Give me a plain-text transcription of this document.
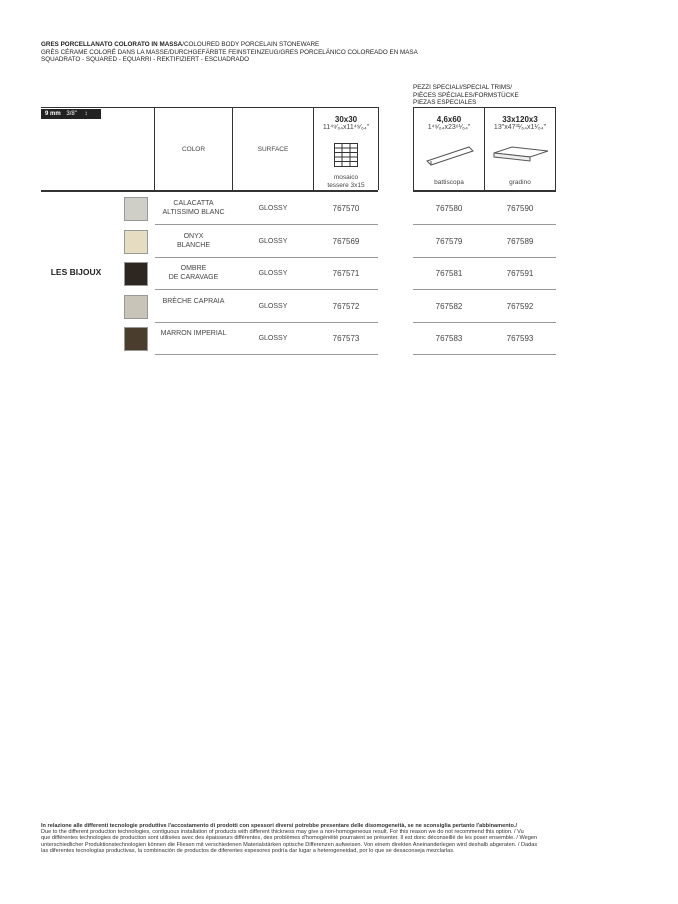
GRES PORCELLANATO COLORATO IN MASSA/COLOURED BODY PORCELAIN STONEWARE
GRÈS CÉRAME COLORÉ DANS LA MASSE/DURCHGEFÄRBTE FEINSTEINZEUG/GRES PORCELÁNICO COLOREADO EN MASA
SQUADRATO - SQUARED - EQUARRI - REKTIFIZIERT - ESCUADRADO
PEZZI SPECIALI/SPECIAL TRIMS/
PIÈCES SPÉCIALES/FORMSTÜCKE
PIEZAS ESPECIALES
9 mm 3/8" ↕
COLOR	SURFACE
30x30
11⁴⁹⁄₆₄x11⁴⁹⁄₆₄"
mosaico
tessere 3x15
4,6x60
1⁴⁹⁄₆₄x23⁶¹⁄₆₄"
battiscopa
33x120x3
13"x47³¹⁄₆₄x1¹⁄₆₄"
gradino
LES BIJOUX
CALACATTA
ALTISSIMO BLANC
GLOSSY	767570	767580	767590
ONYX
BLANCHE
GLOSSY	767569	767579	767589
OMBRE
DE CARAVAGE
GLOSSY	767571	767581	767591
BRÈCHE CAPRAIA
GLOSSY	767572	767582	767592
MARRON IMPERIAL
GLOSSY	767573	767583	767593
In relazione alle differenti tecnologie produttive l'accostamento di prodotti con spessori diversi potrebbe presentare delle disomogeneità, se ne sconsiglia pertanto l'abbinamento./
Due to the different production technologies, contiguous installation of products with different thickness may give a non-homogeneous result. For this reason we do not recommend this option. / Vu
que différentes technologies de production sont utilisées avec des épaisseurs différentes, des problèmes d'homogénéité pourraient se présenter. Il est donc déconseillé de les poser ensemble. / Wegen
unterschiedlicher Produktionstechnologien können die Fliesen mit verschiedenen Materialstärken optische Differenzen aufweisen. Von einem direkten Aneinanderlegen wird deshalb abgeraten. / Dadas
las diferentes tecnologías productivas, la combinación de productos de diferentes espesores podría dar lugar a heterogeneidad, por lo que se desaconseja mezclarlas.
